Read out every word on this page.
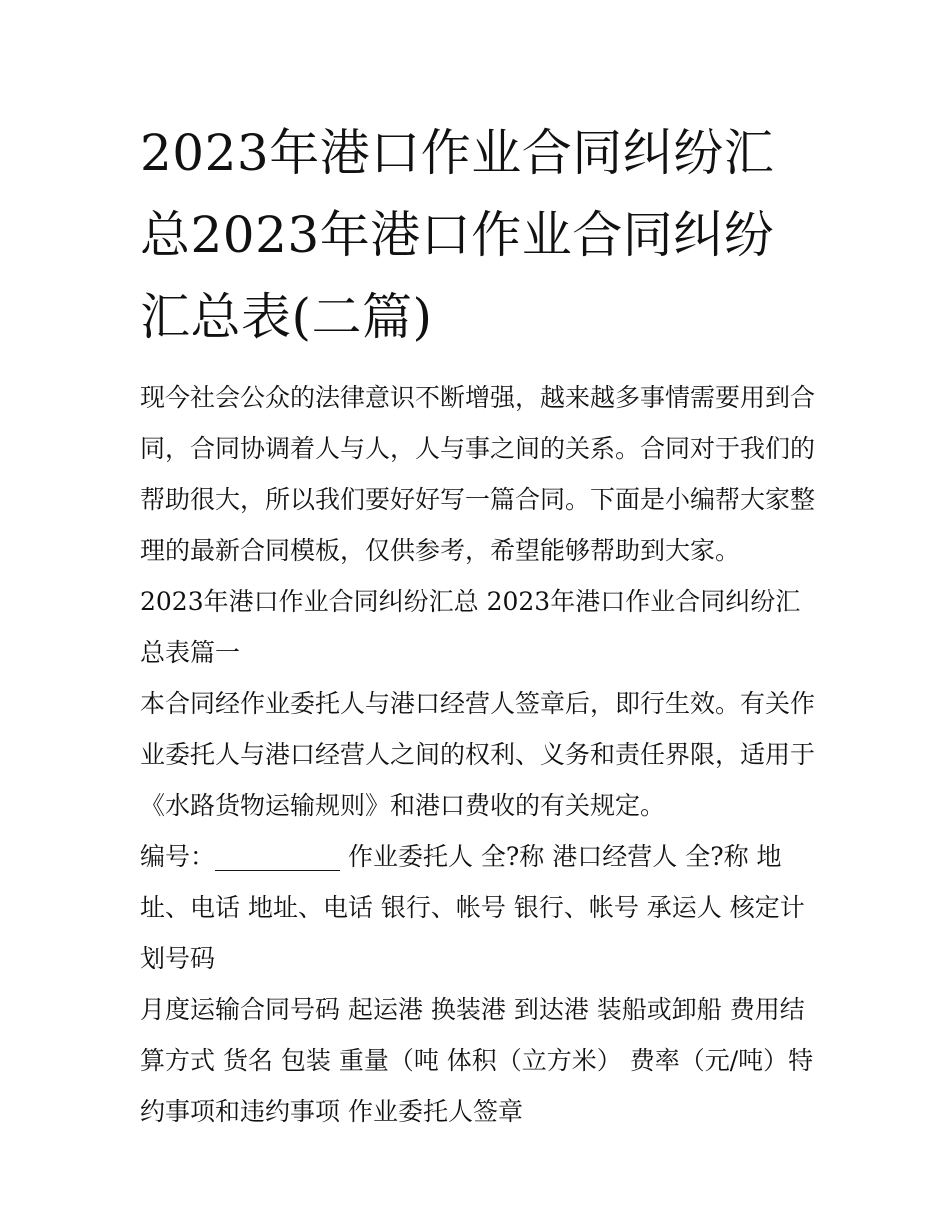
2023年港口作业合同纠纷汇总2023年港口作业合同纠纷汇总表(二篇)

现今社会公众的法律意识不断增强，越来越多事情需要用到合同，合同协调着人与人，人与事之间的关系。合同对于我们的帮助很大，所以我们要好好写一篇合同。下面是小编帮大家整理的最新合同模板，仅供参考，希望能够帮助到大家。

2023年港口作业合同纠纷汇总 2023年港口作业合同纠纷汇总表篇一

本合同经作业委托人与港口经营人签章后，即行生效。有关作业委托人与港口经营人之间的权利、义务和责任界限，适用于《水路货物运输规则》和港口费收的有关规定。

编号：__________ 作业委托人 全?称 港口经营人 全?称 地址、电话 地址、电话 银行、帐号 银行、帐号 承运人 核定计划号码

月度运输合同号码 起运港 换装港 到达港 装船或卸船 费用结算方式 货名 包装 重量（吨 体积（立方米） 费率（元/吨）特约事项和违约事项 作业委托人签章
